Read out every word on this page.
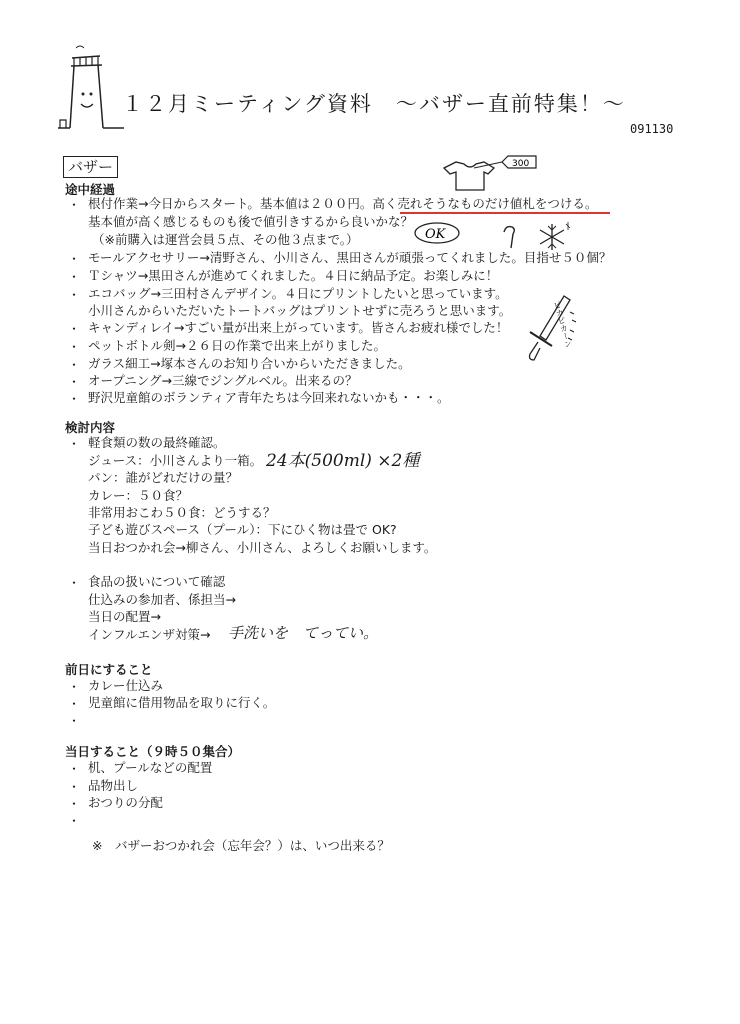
１２月ミーティング資料　～バザー直前特集！～
091130
バザー	300
途中経過
・ 根付作業→今日からスタート。基本値は２００円。高く売れそうなものだけ値札をつける。
基本値が高く感じるものも後で値引きするから良いかな？
（※前購入は運営会員５点、その他３点まで。）	OK
・ モールアクセサリー→清野さん、小川さん、黒田さんが頑張ってくれました。目指せ５０個？
・ Ｔシャツ→黒田さんが進めてくれました。４日に納品予定。お楽しみに！
・ エコバッグ→三田村さんデザイン。４日にプリントしたいと思っています。
小川さんからいただいたトートバッグはプリントせずに売ろうと思います。
・ キャンディレイ→すごい量が出来上がっています。皆さんお疲れ様でした！
・ ペットボトル剣→２６日の作業で出来上がりました。
・ ガラス細工→塚本さんのお知り合いからいただきました。
・ オープニング→三線でジングルベル。出来るの？
・ 野沢児童館のボランティア青年たちは今回来れないかも・・・。
ピカピカーン
検討内容
・ 軽食類の数の最終確認。
ジュース：小川さんより一箱。 24本(500ml) ×2種
パン：誰がどれだけの量？
カレー：５０食？
非常用おこわ５０食：どうする？
子ども遊びスペース（プール）：下にひく物は畳で OK?
当日おつかれ会→柳さん、小川さん、よろしくお願いします。
・ 食品の扱いについて確認
仕込みの参加者、係担当→
当日の配置→
インフルエンザ対策→ 手洗いを　てってい。
前日にすること
・ カレー仕込み
・ 児童館に借用物品を取りに行く。
・
当日すること（９時５０集合）
・ 机、プールなどの配置
・ 品物出し
・ おつりの分配
・
※　バザーおつかれ会（忘年会？）は、いつ出来る？
